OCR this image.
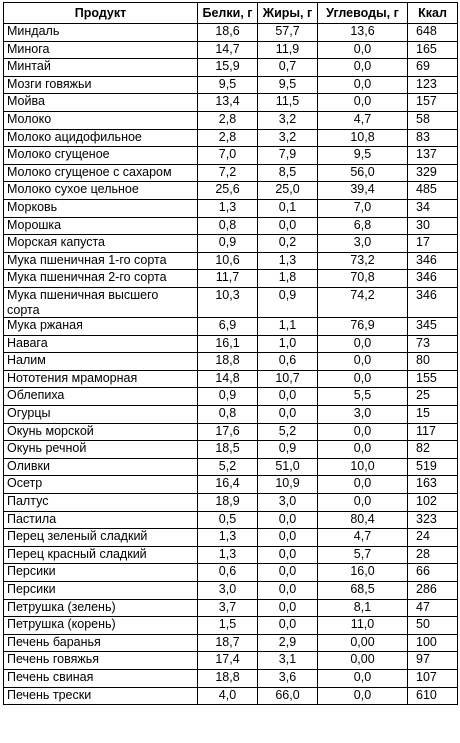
Продукт	Белки, г	Жиры, г	Углеводы, г	Ккал
Миндаль	18,6	57,7	13,6	648
Минога	14,7	11,9	0,0	165
Минтай	15,9	0,7	0,0	69
Мозги говяжьи	9,5	9,5	0,0	123
Мойва	13,4	11,5	0,0	157
Молоко	2,8	3,2	4,7	58
Молоко ацидофильное	2,8	3,2	10,8	83
Молоко сгущеное	7,0	7,9	9,5	137
Молоко сгущеное с сахаром	7,2	8,5	56,0	329
Молоко сухое цельное	25,6	25,0	39,4	485
Морковь	1,3	0,1	7,0	34
Морошка	0,8	0,0	6,8	30
Морская капуста	0,9	0,2	3,0	17
Мука пшеничная 1-го сорта	10,6	1,3	73,2	346
Мука пшеничная 2-го сорта	11,7	1,8	70,8	346
Мука пшеничная высшего сорта	10,3	0,9	74,2	346
Мука ржаная	6,9	1,1	76,9	345
Навага	16,1	1,0	0,0	73
Налим	18,8	0,6	0,0	80
Нототения мраморная	14,8	10,7	0,0	155
Облепиха	0,9	0,0	5,5	25
Огурцы	0,8	0,0	3,0	15
Окунь морской	17,6	5,2	0,0	117
Окунь речной	18,5	0,9	0,0	82
Оливки	5,2	51,0	10,0	519
Осетр	16,4	10,9	0,0	163
Палтус	18,9	3,0	0,0	102
Пастила	0,5	0,0	80,4	323
Перец зеленый сладкий	1,3	0,0	4,7	24
Перец красный сладкий	1,3	0,0	5,7	28
Персики	0,6	0,0	16,0	66
Персики	3,0	0,0	68,5	286
Петрушка (зелень)	3,7	0,0	8,1	47
Петрушка (корень)	1,5	0,0	11,0	50
Печень баранья	18,7	2,9	0,00	100
Печень говяжья	17,4	3,1	0,00	97
Печень свиная	18,8	3,6	0,0	107
Печень трески	4,0	66,0	0,0	610
